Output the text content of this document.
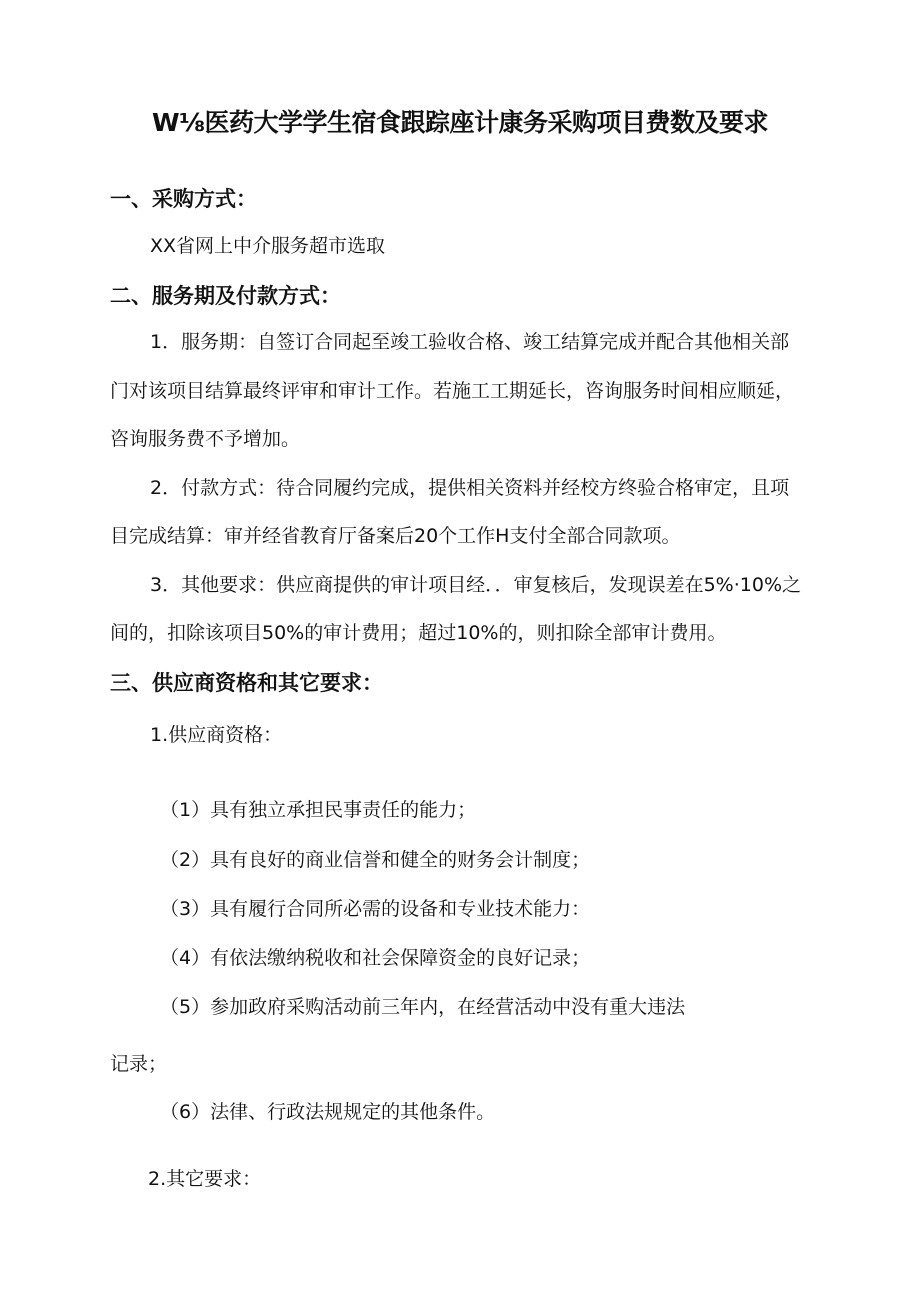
W⅛医药大学学生宿食跟踪座计康务采购项目费数及要求
一、采购方式：
XX省网上中介服务超市选取
二、服务期及付款方式：
1．服务期：自签订合同起至竣工验收合格、竣工结算完成并配合其他相关部
门对该项目结算最终评审和审计工作。若施工工期延长，咨询服务时间相应顺延，
咨询服务费不予增加。
2．付款方式：待合同履约完成，提供相关资料并经校方终验合格审定，且项
目完成结算：审并经省教育厅备案后20个工作H支付全部合同款项。
3．其他要求：供应商提供的审计项目经．．审复核后，发现误差在5%·10%之
间的，扣除该项目50%的审计费用；超过10%的，则扣除全部审计费用。
三、供应商资格和其它要求：
1.供应商资格：
（1）具有独立承担民事责任的能力；
（2）具有良好的商业信誉和健全的财务会计制度；
（3）具有履行合同所必需的设备和专业技术能力：
（4）有依法缴纳税收和社会保障资金的良好记录；
（5）参加政府采购活动前三年内，在经营活动中没有重大违法
记录；
（6）法律、行政法规规定的其他条件。
2.其它要求：
